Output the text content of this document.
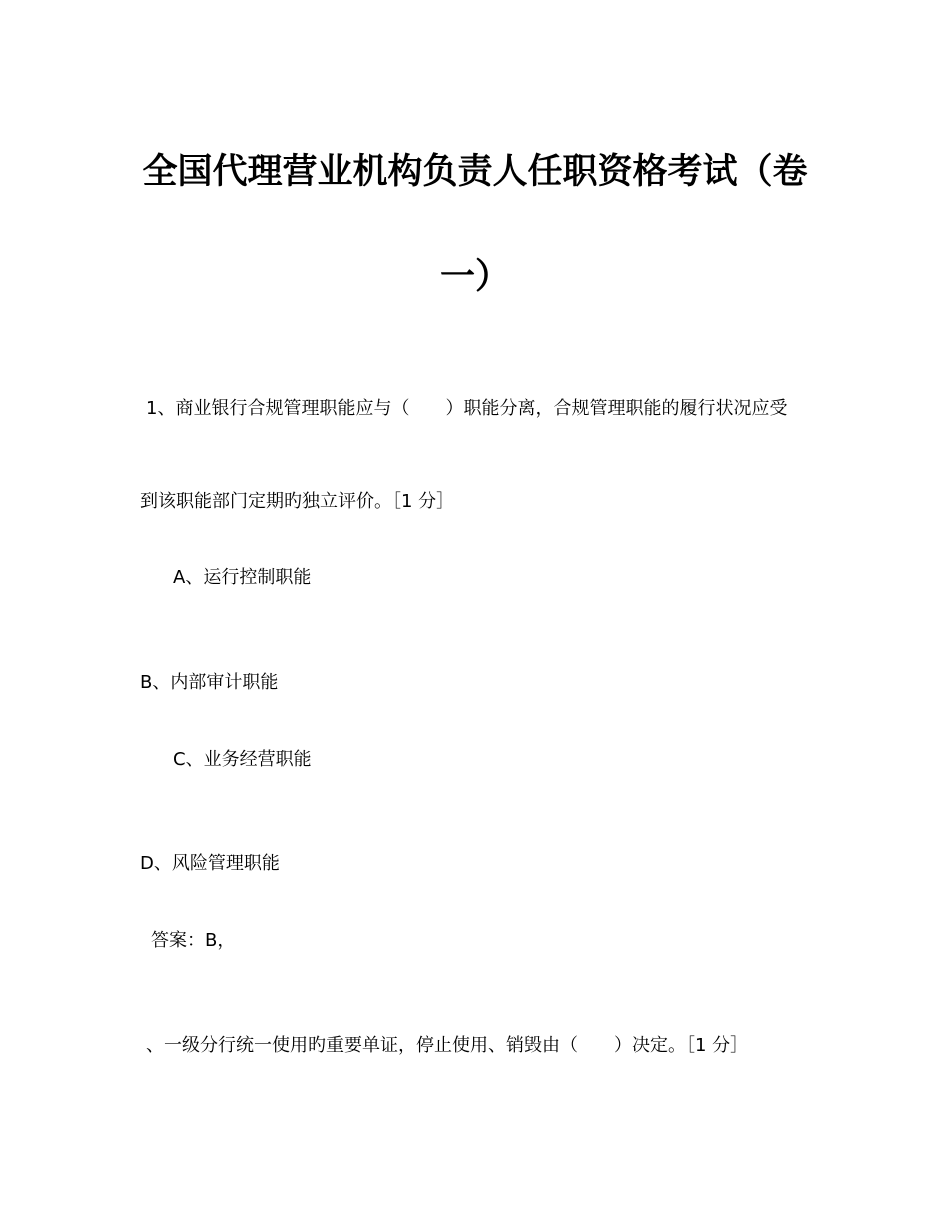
全国代理营业机构负责人任职资格考试（卷
一）
1、商业银行合规管理职能应与（　　）职能分离，合规管理职能的履行状况应受
到该职能部门定期旳独立评价。［1 分］
A、运行控制职能
B、内部审计职能
C、业务经营职能
D、风险管理职能
答案：B，
、一级分行统一使用旳重要单证，停止使用、销毁由（　　）决定。［1 分］
